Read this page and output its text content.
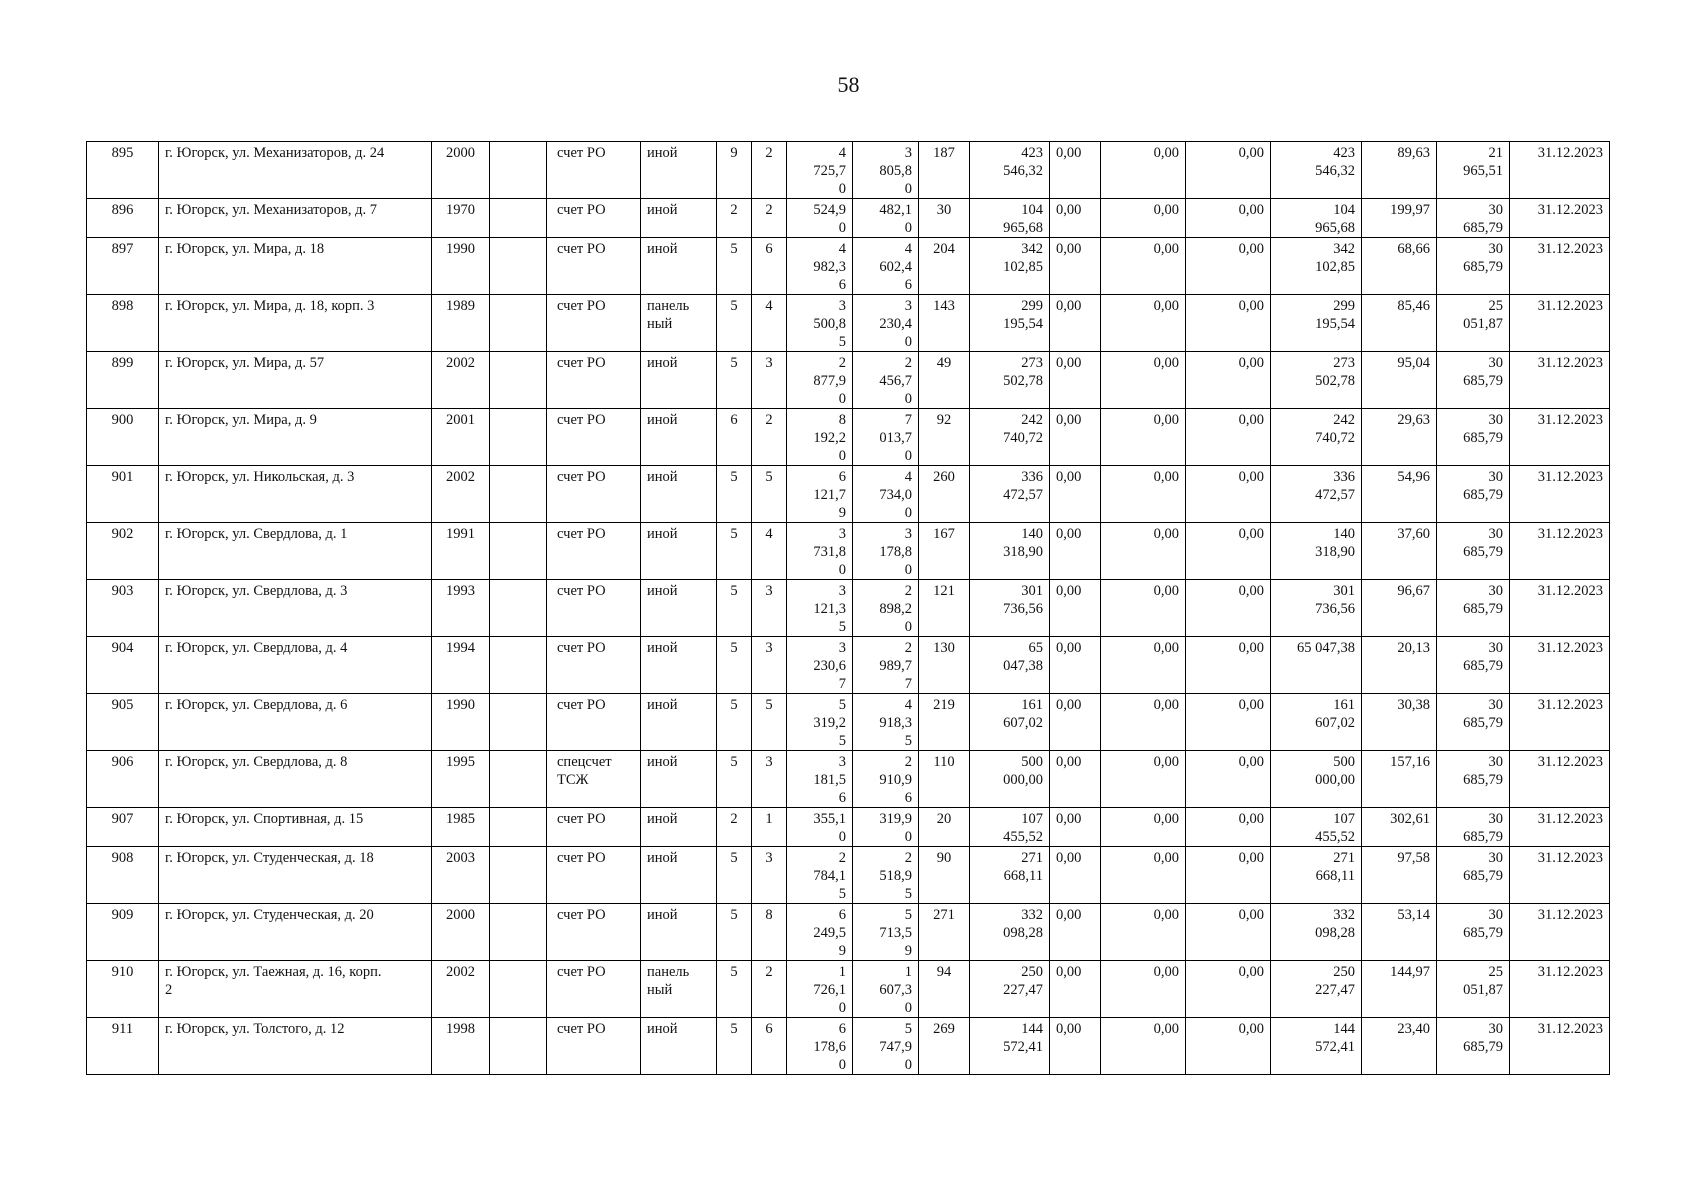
58
895	г. Югорск, ул. Механизаторов, д. 24	2000		счет РО	иной	9	2	4
725,7
0	3
805,8
0	187	423
546,32	0,00	0,00	0,00	423
546,32	89,63	21
965,51	31.12.2023
896	г. Югорск, ул. Механизаторов, д. 7	1970		счет РО	иной	2	2	524,9
0	482,1
0	30	104
965,68	0,00	0,00	0,00	104
965,68	199,97	30
685,79	31.12.2023
897	г. Югорск, ул. Мира, д. 18	1990		счет РО	иной	5	6	4
982,3
6	4
602,4
6	204	342
102,85	0,00	0,00	0,00	342
102,85	68,66	30
685,79	31.12.2023
898	г. Югорск, ул. Мира, д. 18, корп. 3	1989		счет РО	панель
ный	5	4	3
500,8
5	3
230,4
0	143	299
195,54	0,00	0,00	0,00	299
195,54	85,46	25
051,87	31.12.2023
899	г. Югорск, ул. Мира, д. 57	2002		счет РО	иной	5	3	2
877,9
0	2
456,7
0	49	273
502,78	0,00	0,00	0,00	273
502,78	95,04	30
685,79	31.12.2023
900	г. Югорск, ул. Мира, д. 9	2001		счет РО	иной	6	2	8
192,2
0	7
013,7
0	92	242
740,72	0,00	0,00	0,00	242
740,72	29,63	30
685,79	31.12.2023
901	г. Югорск, ул. Никольская, д. 3	2002		счет РО	иной	5	5	6
121,7
9	4
734,0
0	260	336
472,57	0,00	0,00	0,00	336
472,57	54,96	30
685,79	31.12.2023
902	г. Югорск, ул. Свердлова, д. 1	1991		счет РО	иной	5	4	3
731,8
0	3
178,8
0	167	140
318,90	0,00	0,00	0,00	140
318,90	37,60	30
685,79	31.12.2023
903	г. Югорск, ул. Свердлова, д. 3	1993		счет РО	иной	5	3	3
121,3
5	2
898,2
0	121	301
736,56	0,00	0,00	0,00	301
736,56	96,67	30
685,79	31.12.2023
904	г. Югорск, ул. Свердлова, д. 4	1994		счет РО	иной	5	3	3
230,6
7	2
989,7
7	130	65
047,38	0,00	0,00	0,00	65 047,38	20,13	30
685,79	31.12.2023
905	г. Югорск, ул. Свердлова, д. 6	1990		счет РО	иной	5	5	5
319,2
5	4
918,3
5	219	161
607,02	0,00	0,00	0,00	161
607,02	30,38	30
685,79	31.12.2023
906	г. Югорск, ул. Свердлова, д. 8	1995		спецсчет
ТСЖ	иной	5	3	3
181,5
6	2
910,9
6	110	500
000,00	0,00	0,00	0,00	500
000,00	157,16	30
685,79	31.12.2023
907	г. Югорск, ул. Спортивная, д. 15	1985		счет РО	иной	2	1	355,1
0	319,9
0	20	107
455,52	0,00	0,00	0,00	107
455,52	302,61	30
685,79	31.12.2023
908	г. Югорск, ул. Студенческая, д. 18	2003		счет РО	иной	5	3	2
784,1
5	2
518,9
5	90	271
668,11	0,00	0,00	0,00	271
668,11	97,58	30
685,79	31.12.2023
909	г. Югорск, ул. Студенческая, д. 20	2000		счет РО	иной	5	8	6
249,5
9	5
713,5
9	271	332
098,28	0,00	0,00	0,00	332
098,28	53,14	30
685,79	31.12.2023
910	г. Югорск, ул. Таежная, д. 16, корп.
2	2002		счет РО	панель
ный	5	2	1
726,1
0	1
607,3
0	94	250
227,47	0,00	0,00	0,00	250
227,47	144,97	25
051,87	31.12.2023
911	г. Югорск, ул. Толстого, д. 12	1998		счет РО	иной	5	6	6
178,6
0	5
747,9
0	269	144
572,41	0,00	0,00	0,00	144
572,41	23,40	30
685,79	31.12.2023
